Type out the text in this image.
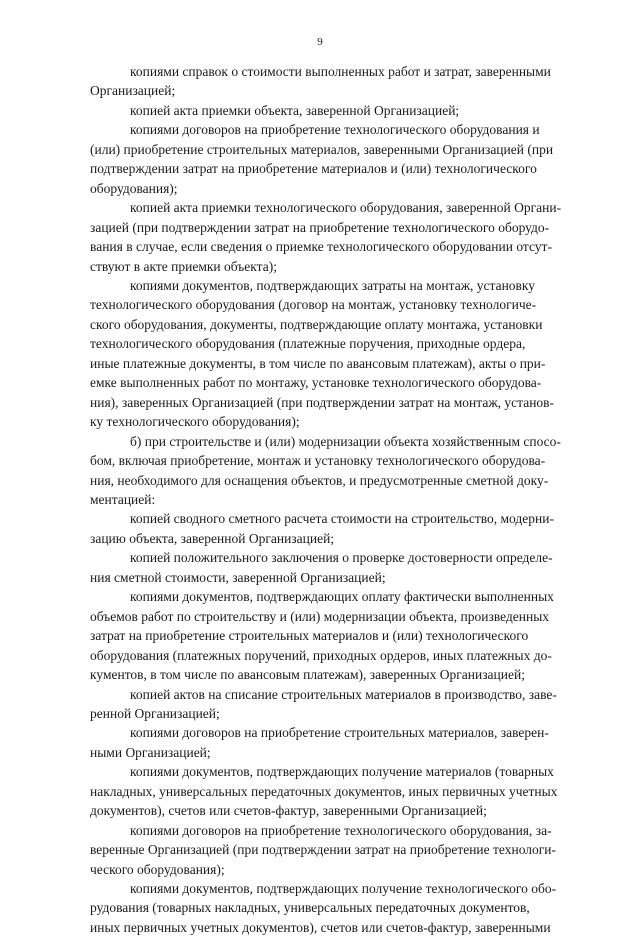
9

копиями справок о стоимости выполненных работ и затрат, заверенными
Организацией;

копией акта приемки объекта, заверенной Организацией;

копиями договоров на приобретение технологического оборудования и
(или) приобретение строительных материалов, заверенными Организацией (при
подтверждении затрат на приобретение материалов и (или) технологического
оборудования);

копией акта приемки технологического оборудования, заверенной Органи-
зацией (при подтверждении затрат на приобретение технологического оборудо-
вания в случае, если сведения о приемке технологического оборудовании отсут-
ствуют в акте приемки объекта);

копиями документов, подтверждающих затраты на монтаж, установку
технологического оборудования (договор на монтаж, установку технологиче-
ского оборудования, документы, подтверждающие оплату монтажа, установки
технологического оборудования (платежные поручения, приходные ордера,
иные платежные документы, в том числе по авансовым платежам), акты о при-
емке выполненных работ по монтажу, установке технологического оборудова-
ния), заверенных Организацией (при подтверждении затрат на монтаж, установ-
ку технологического оборудования);

б) при строительстве и (или) модернизации объекта хозяйственным спосо-
бом, включая приобретение, монтаж и установку технологического оборудова-
ния, необходимого для оснащения объектов, и предусмотренные сметной доку-
ментацией:

копией сводного сметного расчета стоимости на строительство, модерни-
зацию объекта, заверенной Организацией;

копией положительного заключения о проверке достоверности определе-
ния сметной стоимости, заверенной Организацией;

копиями документов, подтверждающих оплату фактически выполненных
объемов работ по строительству и (или) модернизации объекта, произведенных
затрат на приобретение строительных материалов и (или) технологического
оборудования (платежных поручений, приходных ордеров, иных платежных до-
кументов, в том числе по авансовым платежам), заверенных Организацией;

копией актов на списание строительных материалов в производство, заве-
ренной Организацией;

копиями договоров на приобретение строительных материалов, заверен-
ными Организацией;

копиями документов, подтверждающих получение материалов (товарных
накладных, универсальных передаточных документов, иных первичных учетных
документов), счетов или счетов-фактур, заверенными Организацией;

копиями договоров на приобретение технологического оборудования, за-
веренные Организацией (при подтверждении затрат на приобретение технологи-
ческого оборудования);

копиями документов, подтверждающих получение технологического обо-
рудования (товарных накладных, универсальных передаточных документов,
иных первичных учетных документов), счетов или счетов-фактур, заверенными
